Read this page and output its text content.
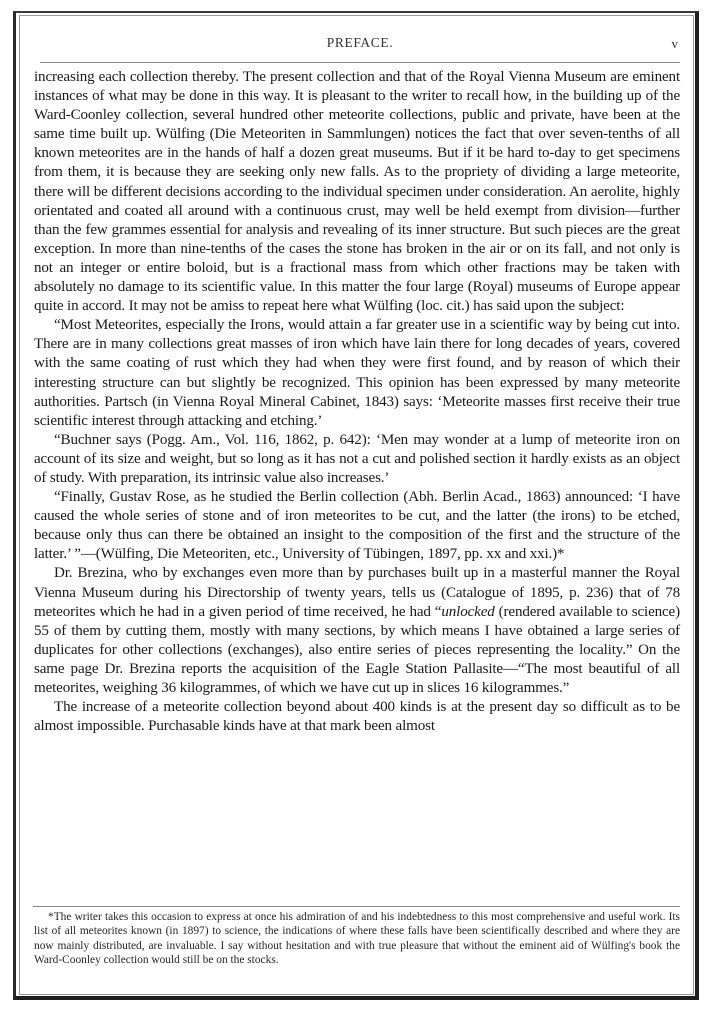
PREFACE.	v

increasing each collection thereby. The present collection and that of the Royal Vienna Museum are eminent instances of what may be done in this way. It is pleasant to the writer to recall how, in the building up of the Ward-Coonley collection, several hundred other meteorite collections, public and private, have been at the same time built up. Wülfing (Die Meteoriten in Sammlungen) notices the fact that over seven-tenths of all known meteorites are in the hands of half a dozen great museums. But if it be hard to-day to get specimens from them, it is because they are seeking only new falls. As to the propriety of dividing a large meteorite, there will be different decisions according to the individual specimen under consideration. An aerolite, highly orientated and coated all around with a continuous crust, may well be held exempt from division—further than the few grammes essential for analysis and revealing of its inner structure. But such pieces are the great exception. In more than nine-tenths of the cases the stone has broken in the air or on its fall, and not only is not an integer or entire boloid, but is a fractional mass from which other fractions may be taken with absolutely no damage to its scientific value. In this matter the four large (Royal) museums of Europe appear quite in accord. It may not be amiss to repeat here what Wülfing (loc. cit.) has said upon the subject:

“Most Meteorites, especially the Irons, would attain a far greater use in a scientific way by being cut into. There are in many collections great masses of iron which have lain there for long decades of years, covered with the same coating of rust which they had when they were first found, and by reason of which their interesting structure can but slightly be recognized. This opinion has been expressed by many meteorite authorities. Partsch (in Vienna Royal Mineral Cabinet, 1843) says: ‘Meteorite masses first receive their true scientific interest through attacking and etching.’

“Buchner says (Pogg. Am., Vol. 116, 1862, p. 642): ‘Men may wonder at a lump of meteorite iron on account of its size and weight, but so long as it has not a cut and polished section it hardly exists as an object of study. With preparation, its intrinsic value also increases.’

“Finally, Gustav Rose, as he studied the Berlin collection (Abh. Berlin Acad., 1863) announced: ‘I have caused the whole series of stone and of iron meteorites to be cut, and the latter (the irons) to be etched, because only thus can there be obtained an insight to the composition of the first and the structure of the latter.’ ”—(Wülfing, Die Meteoriten, etc., University of Tübingen, 1897, pp. xx and xxi.)*

Dr. Brezina, who by exchanges even more than by purchases built up in a masterful manner the Royal Vienna Museum during his Directorship of twenty years, tells us (Catalogue of 1895, p. 236) that of 78 meteorites which he had in a given period of time received, he had “unlocked (rendered available to science) 55 of them by cutting them, mostly with many sections, by which means I have obtained a large series of duplicates for other collections (exchanges), also entire series of pieces representing the locality.” On the same page Dr. Brezina reports the acquisition of the Eagle Station Pallasite—“The most beautiful of all meteorites, weighing 36 kilogrammes, of which we have cut up in slices 16 kilogrammes.”

The increase of a meteorite collection beyond about 400 kinds is at the present day so difficult as to be almost impossible. Purchasable kinds have at that mark been almost

*The writer takes this occasion to express at once his admiration of and his indebtedness to this most comprehensive and useful work. Its list of all meteorites known (in 1897) to science, the indications of where these falls have been scientifically described and where they are now mainly distributed, are invaluable. I say without hesitation and with true pleasure that without the eminent aid of Wülfing's book the Ward-Coonley collection would still be on the stocks.
